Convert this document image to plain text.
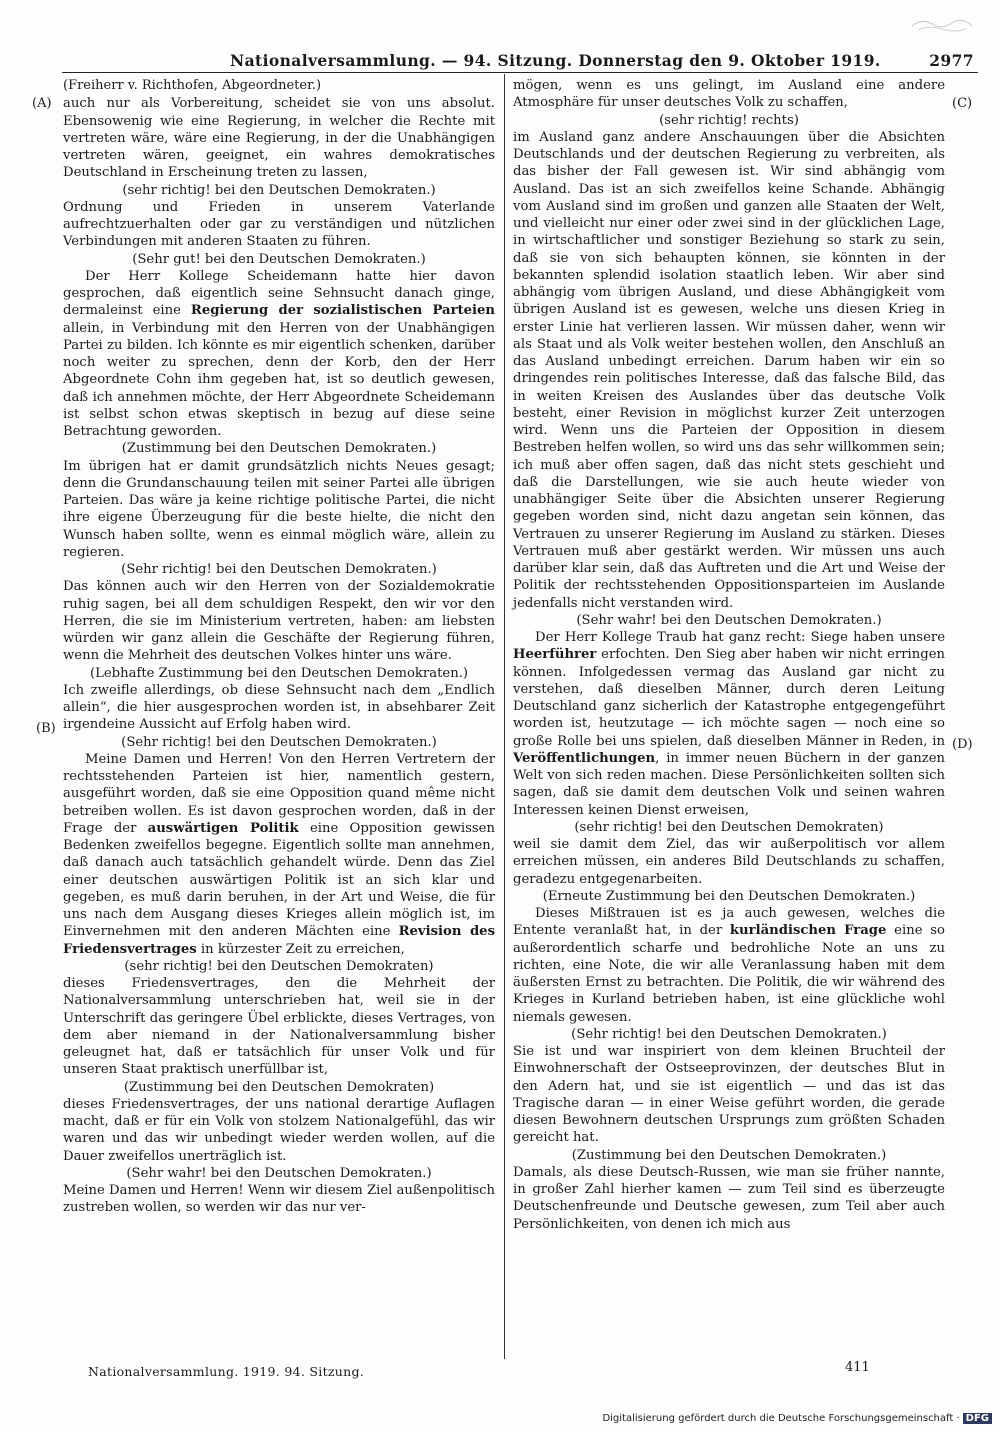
Nationalversammlung. — 94. Sitzung. Donnerstag den 9. Oktober 1919.	2977
(A)
(B)
(C)
(D)
(Freiherr v. Richthofen, Abgeordneter.)

auch nur als Vorbereitung, scheidet sie von uns absolut. Ebensowenig wie eine Regierung, in welcher die Rechte mit vertreten wäre, wäre eine Regierung, in der die Unabhängigen vertreten wären, geeignet, ein wahres demokratisches Deutschland in Erscheinung treten zu lassen,

(sehr richtig! bei den Deutschen Demokraten.)

Ordnung und Frieden in unserem Vaterlande aufrechtzuerhalten oder gar zu verständigen und nützlichen Verbindungen mit anderen Staaten zu führen.

(Sehr gut! bei den Deutschen Demokraten.)

Der Herr Kollege Scheidemann hatte hier davon gesprochen, daß eigentlich seine Sehnsucht danach ginge, dermaleinst eine Regierung der sozialistischen Parteien allein, in Verbindung mit den Herren von der Unabhängigen Partei zu bilden. Ich könnte es mir eigentlich schenken, darüber noch weiter zu sprechen, denn der Korb, den der Herr Abgeordnete Cohn ihm gegeben hat, ist so deutlich gewesen, daß ich annehmen möchte, der Herr Abgeordnete Scheidemann ist selbst schon etwas skeptisch in bezug auf diese seine Betrachtung geworden.

(Zustimmung bei den Deutschen Demokraten.)

Im übrigen hat er damit grundsätzlich nichts Neues gesagt; denn die Grundanschauung teilen mit seiner Partei alle übrigen Parteien. Das wäre ja keine richtige politische Partei, die nicht ihre eigene Überzeugung für die beste hielte, die nicht den Wunsch haben sollte, wenn es einmal möglich wäre, allein zu regieren.

(Sehr richtig! bei den Deutschen Demokraten.)

Das können auch wir den Herren von der Sozialdemokratie ruhig sagen, bei all dem schuldigen Respekt, den wir vor den Herren, die sie im Ministerium vertreten, haben: am liebsten würden wir ganz allein die Geschäfte der Regierung führen, wenn die Mehrheit des deutschen Volkes hinter uns wäre.

(Lebhafte Zustimmung bei den Deutschen Demokraten.)

Ich zweifle allerdings, ob diese Sehnsucht nach dem „Endlich allein“, die hier ausgesprochen worden ist, in absehbarer Zeit irgendeine Aussicht auf Erfolg haben wird.

(Sehr richtig! bei den Deutschen Demokraten.)

Meine Damen und Herren! Von den Herren Vertretern der rechtsstehenden Parteien ist hier, namentlich gestern, ausgeführt worden, daß sie eine Opposition quand même nicht betreiben wollen. Es ist davon gesprochen worden, daß in der Frage der auswärtigen Politik eine Opposition gewissen Bedenken zweifellos begegne. Eigentlich sollte man annehmen, daß danach auch tatsächlich gehandelt würde. Denn das Ziel einer deutschen auswärtigen Politik ist an sich klar und gegeben, es muß darin beruhen, in der Art und Weise, die für uns nach dem Ausgang dieses Krieges allein möglich ist, im Einvernehmen mit den anderen Mächten eine Revision des Friedensvertrages in kürzester Zeit zu erreichen,

(sehr richtig! bei den Deutschen Demokraten)

dieses Friedensvertrages, den die Mehrheit der Nationalversammlung unterschrieben hat, weil sie in der Unterschrift das geringere Übel erblickte, dieses Vertrages, von dem aber niemand in der Nationalversammlung bisher geleugnet hat, daß er tatsächlich für unser Volk und für unseren Staat praktisch unerfüllbar ist,

(Zustimmung bei den Deutschen Demokraten)

dieses Friedensvertrages, der uns national derartige Auflagen macht, daß er für ein Volk von stolzem Nationalgefühl, das wir waren und das wir unbedingt wieder werden wollen, auf die Dauer zweifellos unerträglich ist.

(Sehr wahr! bei den Deutschen Demokraten.)

Meine Damen und Herren! Wenn wir diesem Ziel außenpolitisch zustreben wollen, so werden wir das nur ver-

mögen, wenn es uns gelingt, im Ausland eine andere Atmosphäre für unser deutsches Volk zu schaffen,

(sehr richtig! rechts)

im Ausland ganz andere Anschauungen über die Absichten Deutschlands und der deutschen Regierung zu verbreiten, als das bisher der Fall gewesen ist. Wir sind abhängig vom Ausland. Das ist an sich zweifellos keine Schande. Abhängig vom Ausland sind im großen und ganzen alle Staaten der Welt, und vielleicht nur einer oder zwei sind in der glücklichen Lage, in wirtschaftlicher und sonstiger Beziehung so stark zu sein, daß sie von sich behaupten können, sie könnten in der bekannten splendid isolation staatlich leben. Wir aber sind abhängig vom übrigen Ausland, und diese Abhängigkeit vom übrigen Ausland ist es gewesen, welche uns diesen Krieg in erster Linie hat verlieren lassen. Wir müssen daher, wenn wir als Staat und als Volk weiter bestehen wollen, den Anschluß an das Ausland unbedingt erreichen. Darum haben wir ein so dringendes rein politisches Interesse, daß das falsche Bild, das in weiten Kreisen des Auslandes über das deutsche Volk besteht, einer Revision in möglichst kurzer Zeit unterzogen wird. Wenn uns die Parteien der Opposition in diesem Bestreben helfen wollen, so wird uns das sehr willkommen sein; ich muß aber offen sagen, daß das nicht stets geschieht und daß die Darstellungen, wie sie auch heute wieder von unabhängiger Seite über die Absichten unserer Regierung gegeben worden sind, nicht dazu angetan sein können, das Vertrauen zu unserer Regierung im Ausland zu stärken. Dieses Vertrauen muß aber gestärkt werden. Wir müssen uns auch darüber klar sein, daß das Auftreten und die Art und Weise der Politik der rechtsstehenden Oppositionsparteien im Auslande jedenfalls nicht verstanden wird.

(Sehr wahr! bei den Deutschen Demokraten.)

Der Herr Kollege Traub hat ganz recht: Siege haben unsere Heerführer erfochten. Den Sieg aber haben wir nicht erringen können. Infolgedessen vermag das Ausland gar nicht zu verstehen, daß dieselben Männer, durch deren Leitung Deutschland ganz sicherlich der Katastrophe entgegengeführt worden ist, heutzutage — ich möchte sagen — noch eine so große Rolle bei uns spielen, daß dieselben Männer in Reden, in Veröffentlichungen, in immer neuen Büchern in der ganzen Welt von sich reden machen. Diese Persönlichkeiten sollten sich sagen, daß sie damit dem deutschen Volk und seinen wahren Interessen keinen Dienst erweisen,

(sehr richtig! bei den Deutschen Demokraten)

weil sie damit dem Ziel, das wir außerpolitisch vor allem erreichen müssen, ein anderes Bild Deutschlands zu schaffen, geradezu entgegenarbeiten.

(Erneute Zustimmung bei den Deutschen Demokraten.)

Dieses Mißtrauen ist es ja auch gewesen, welches die Entente veranlaßt hat, in der kurländischen Frage eine so außerordentlich scharfe und bedrohliche Note an uns zu richten, eine Note, die wir alle Veranlassung haben mit dem äußersten Ernst zu betrachten. Die Politik, die wir während des Krieges in Kurland betrieben haben, ist eine glückliche wohl niemals gewesen.

(Sehr richtig! bei den Deutschen Demokraten.)

Sie ist und war inspiriert von dem kleinen Bruchteil der Einwohnerschaft der Ostseeprovinzen, der deutsches Blut in den Adern hat, und sie ist eigentlich — und das ist das Tragische daran — in einer Weise geführt worden, die gerade diesen Bewohnern deutschen Ursprungs zum größten Schaden gereicht hat.

(Zustimmung bei den Deutschen Demokraten.)

Damals, als diese Deutsch-Russen, wie man sie früher nannte, in großer Zahl hierher kamen — zum Teil sind es überzeugte Deutschenfreunde und Deutsche gewesen, zum Teil aber auch Persönlichkeiten, von denen ich mich aus

Nationalversammlung. 1919. 94. Sitzung.	411
Digitalisierung gefördert durch die Deutsche Forschungsgemeinschaft · DFG
